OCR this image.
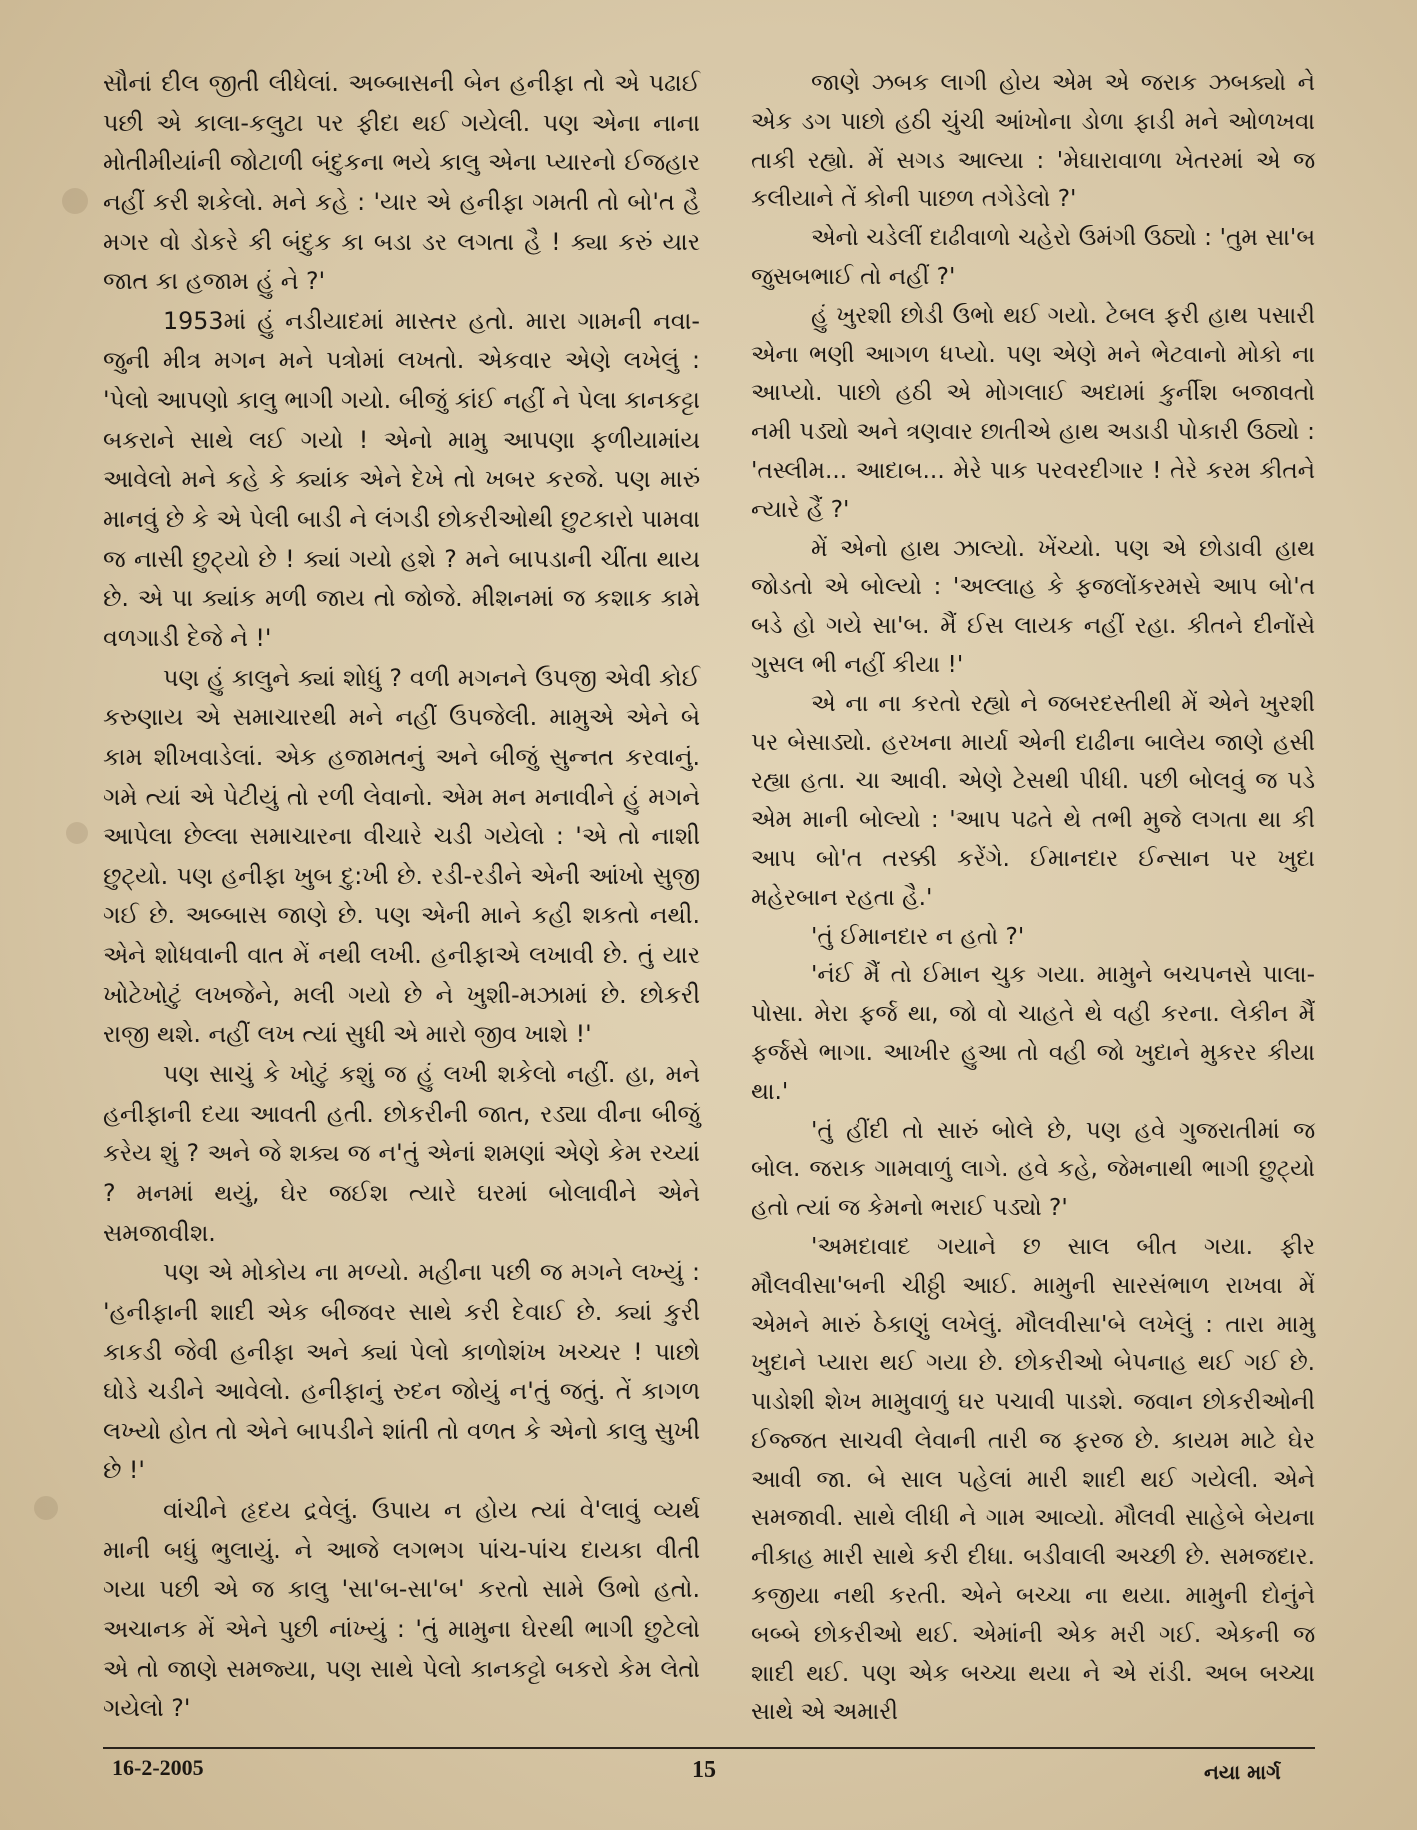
સૌનાં દીલ જીતી લીધેલાં. અબ્બાસની બેન હનીફા તો એ પઢાઈ પછી એ કાલા-કલુટા પર ફીદા થઈ ગયેલી. પણ એના નાના મોતીમીયાંની જોટાળી બંદુકના ભયે કાલુ એના પ્યારનો ઈજહાર નહીં કરી શકેલો. મને કહે : 'યાર એ હનીફા ગમતી તો બો'ત હૈ મગર વો ડોકરે કી બંદુક કા બડા ડર લગતા હૈ ! ક્યા કરું યાર જાત કા હજામ હું ને ?'

1953માં હું નડીયાદમાં માસ્તર હતો. મારા ગામની નવા-જુની મીત્ર મગન મને પત્રોમાં લખતો. એકવાર એણે લખેલું : 'પેલો આપણો કાલુ ભાગી ગયો. બીજું કાંઈ નહીં ને પેલા કાનકટ્ટા બકરાને સાથે લઈ ગયો ! એનો મામુ આપણા ફળીયામાંય આવેલો મને કહે કે ક્યાંક એને દેખે તો ખબર કરજે. પણ મારું માનવું છે કે એ પેલી બાડી ને લંગડી છોકરીઓથી છુટકારો પામવા જ નાસી છુટ્યો છે ! ક્યાં ગયો હશે ? મને બાપડાની ચીંતા થાય છે. એ પા ક્યાંક મળી જાય તો જોજે. મીશનમાં જ કશાક કામે વળગાડી દેજે ને !'

પણ હું કાલુને ક્યાં શોધું ? વળી મગનને ઉપજી એવી કોઈ કરુણાય એ સમાચારથી મને નહીં ઉપજેલી. મામુએ એને બે કામ શીખવાડેલાં. એક હજામતનું અને બીજું સુન્નત કરવાનું. ગમે ત્યાં એ પેટીયું તો રળી લેવાનો. એમ મન મનાવીને હું મગને આપેલા છેલ્લા સમાચારના વીચારે ચડી ગયેલો : 'એ તો નાશી છુટ્યો. પણ હનીફા ખુબ દુ:ખી છે. રડી-રડીને એની આંખો સુજી ગઈ છે. અબ્બાસ જાણે છે. પણ એની માને કહી શકતો નથી. એને શોધવાની વાત મેં નથી લખી. હનીફાએ લખાવી છે. તું યાર ખોટેખોટું લખજેને, મલી ગયો છે ને ખુશી-મઝામાં છે. છોકરી રાજી થશે. નહીં લખ ત્યાં સુધી એ મારો જીવ ખાશે !'

પણ સાચું કે ખોટું કશું જ હું લખી શકેલો નહીં. હા, મને હનીફાની દયા આવતી હતી. છોકરીની જાત, રડ્યા વીના બીજું કરેય શું ? અને જે શક્ય જ ન'તું એનાં શમણાં એણે કેમ રચ્યાં ? મનમાં થયું, ઘેર જઈશ ત્યારે ઘરમાં બોલાવીને એને સમજાવીશ.

પણ એ મોકોય ના મળ્યો. મહીના પછી જ મગને લખ્યું : 'હનીફાની શાદી એક બીજવર સાથે કરી દેવાઈ છે. ક્યાં કુરી કાકડી જેવી હનીફા અને ક્યાં પેલો કાળોશંખ ખચ્ચર ! પાછો ઘોડે ચડીને આવેલો. હનીફાનું રુદન જોયું ન'તું જતું. તેં કાગળ લખ્યો હોત તો એને બાપડીને શાંતી તો વળત કે એનો કાલુ સુખી છે !'

વાંચીને હૃદય દ્રવેલું. ઉપાય ન હોય ત્યાં વે'લાવું વ્યર્થ માની બધું ભુલાયું. ને આજે લગભગ પાંચ-પાંચ દાયકા વીતી ગયા પછી એ જ કાલુ 'સા'બ-સા'બ' કરતો સામે ઉભો હતો. અચાનક મેં એને પુછી નાંખ્યું : 'તું મામુના ઘેરથી ભાગી છુટેલો એ તો જાણે સમજ્યા, પણ સાથે પેલો કાનકટ્ટો બકરો કેમ લેતો ગયેલો ?'

જાણે ઝબક લાગી હોય એમ એ જરાક ઝબક્યો ને એક ડગ પાછો હઠી ચુંચી આંખોના ડોળા ફાડી મને ઓળખવા તાકી રહ્યો. મેં સગડ આલ્યા : 'મેઘારાવાળા ખેતરમાં એ જ કલીયાને તેં કોની પાછળ તગેડેલો ?'

એનો ચડેલીં દાઢીવાળો ચહેરો ઉમંગી ઉઠ્યો : 'તુમ સા'બ જુસબભાઈ તો નહીં ?'

હું ખુરશી છોડી ઉભો થઈ ગયો. ટેબલ ફરી હાથ પસારી એના ભણી આગળ ધપ્યો. પણ એણે મને ભેટવાનો મોકો ના આપ્યો. પાછો હઠી એ મોગલાઈ અદામાં કુર્નીશ બજાવતો નમી પડ્યો અને ત્રણવાર છાતીએ હાથ અડાડી પોકારી ઉઠ્યો : 'તસ્લીમ... આદાબ... મેરે પાક પરવરદીગાર ! તેરે કરમ કીતને ન્યારે હૈં ?'

મેં એનો હાથ ઝાલ્યો. ખેંચ્યો. પણ એ છોડાવી હાથ જોડતો એ બોલ્યો : 'અલ્લાહ કે ફજલોંકરમસે આપ બો'ત બડે હો ગયે સા'બ. મૈં ઈસ લાયક નહીં રહા. કીતને દીનોંસે ગુસલ ભી નહીં કીયા !'

એ ના ના કરતો રહ્યો ને જબરદસ્તીથી મેં એને ખુરશી પર બેસાડ્યો. હરખના માર્યા એની દાઢીના બાલેય જાણે હસી રહ્યા હતા. ચા આવી. એણે ટેસથી પીધી. પછી બોલવું જ પડે એમ માની બોલ્યો : 'આપ પઢતે થે તભી મુજે લગતા થા કી આપ બો'ત તરક્કી કરેંગે. ઈમાનદાર ઈન્સાન પર ખુદા મહેરબાન રહતા હૈ.'

'તું ઈમાનદાર ન હતો ?'

'નંઈ મૈં તો ઈમાન ચુક ગયા. મામુને બચપનસે પાલા-પોસા. મેરા ફર્જ થા, જો વો ચાહતે થે વહી કરના. લેકીન મૈં ફર્જસે ભાગા. આખીર હુઆ તો વહી જો ખુદાને મુકરર કીયા થા.'

'તું હીંદી તો સારું બોલે છે, પણ હવે ગુજરાતીમાં જ બોલ. જરાક ગામવાળું લાગે. હવે કહે, જેમનાથી ભાગી છુટ્યો હતો ત્યાં જ કેમનો ભરાઈ પડ્યો ?'

'અમદાવાદ ગયાને છ સાલ બીત ગયા. ફીર મૌલવીસા'બની ચીઠ્ઠી આઈ. મામુની સારસંભાળ રાખવા મેં એમને મારું ઠેકાણું લખેલું. મૌલવીસા'બે લખેલું : તારા મામુ ખુદાને પ્યારા થઈ ગયા છે. છોકરીઓ બેપનાહ થઈ ગઈ છે. પાડોશી શેખ મામુવાળું ઘર પચાવી પાડશે. જવાન છોકરીઓની ઈજ્જત સાચવી લેવાની તારી જ ફરજ છે. કાયમ માટે ઘેર આવી જા. બે સાલ પહેલાં મારી શાદી થઈ ગયેલી. એને સમજાવી. સાથે લીધી ને ગામ આવ્યો. મૌલવી સાહેબે બેયના નીકાહ મારી સાથે કરી દીધા. બડીવાલી અચ્છી છે. સમજદાર. કજીયા નથી કરતી. એને બચ્ચા ના થયા. મામુની દોનુંને બબ્બે છોકરીઓ થઈ. એમાંની એક મરી ગઈ. એકની જ શાદી થઈ. પણ એક બચ્ચા થયા ને એ રાંડી. અબ બચ્ચા સાથે એ અમારી

16-2-2005	15	નયા માર્ગ
